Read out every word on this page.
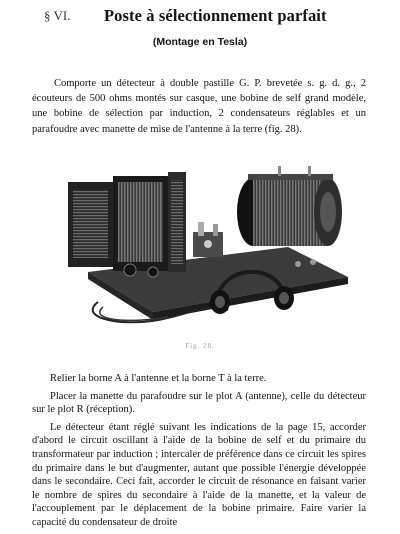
§ VI. Poste à sélectionnement parfait
(Montage en Tesla)

Comporte un détecteur à double pastille G. P. brevetée s. g. d. g., 2 écouteurs de 500 ohms montés sur casque, une bobine de self grand modèle, une bobine de sélection par induction, 2 condensateurs réglables et un parafoudre avec manette de mise de l'antenne à la terre (fig. 28).

Fig. 28.

Relier la borne A à l'antenne et la borne T à la terre.

Placer la manette du parafoudre sur le plot A (antenne), celle du détecteur sur le plot R (réception).

Le détecteur étant réglé suivant les indications de la page 15, accorder d'abord le circuit oscillant à l'aide de la bobine de self et du primaire du transformateur par induction ; intercaler de préférence dans ce circuit les spires du primaire dans le but d'augmenter, autant que possible l'énergie développée dans le secondaire. Ceci fait, accorder le circuit de résonance en faisant varier le nombre de spires du secondaire à l'aide de la manette, et la valeur de l'accouplement par le déplacement de la bobine primaire. Faire varier la capacité du condensateur de droite
